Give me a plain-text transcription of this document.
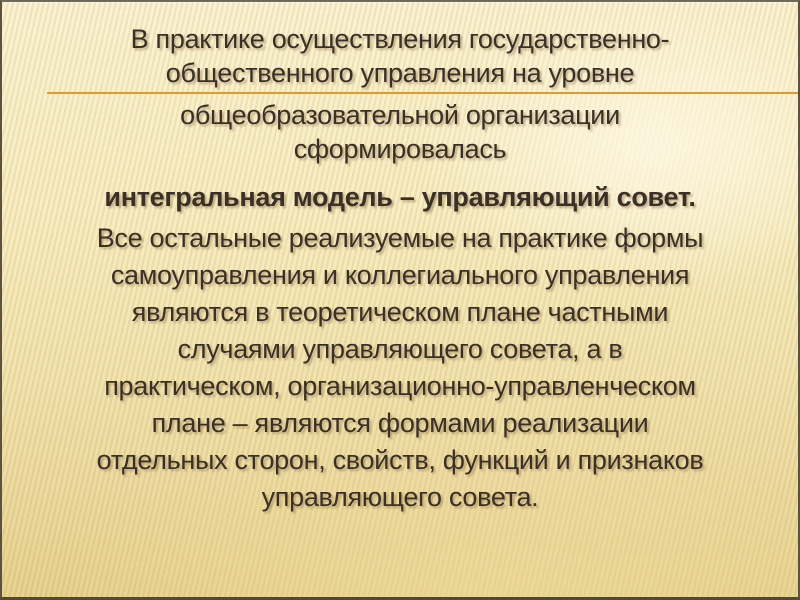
В практике осуществления государственно-
общественного управления на уровне
общеобразовательной организации
сформировалась
интегральная модель – управляющий совет.
Все остальные реализуемые на практике формы
самоуправления и коллегиального управления
являются в теоретическом плане частными
случаями управляющего совета, а в
практическом, организационно-управленческом
плане – являются формами реализации
отдельных сторон, свойств, функций и признаков
управляющего совета.
